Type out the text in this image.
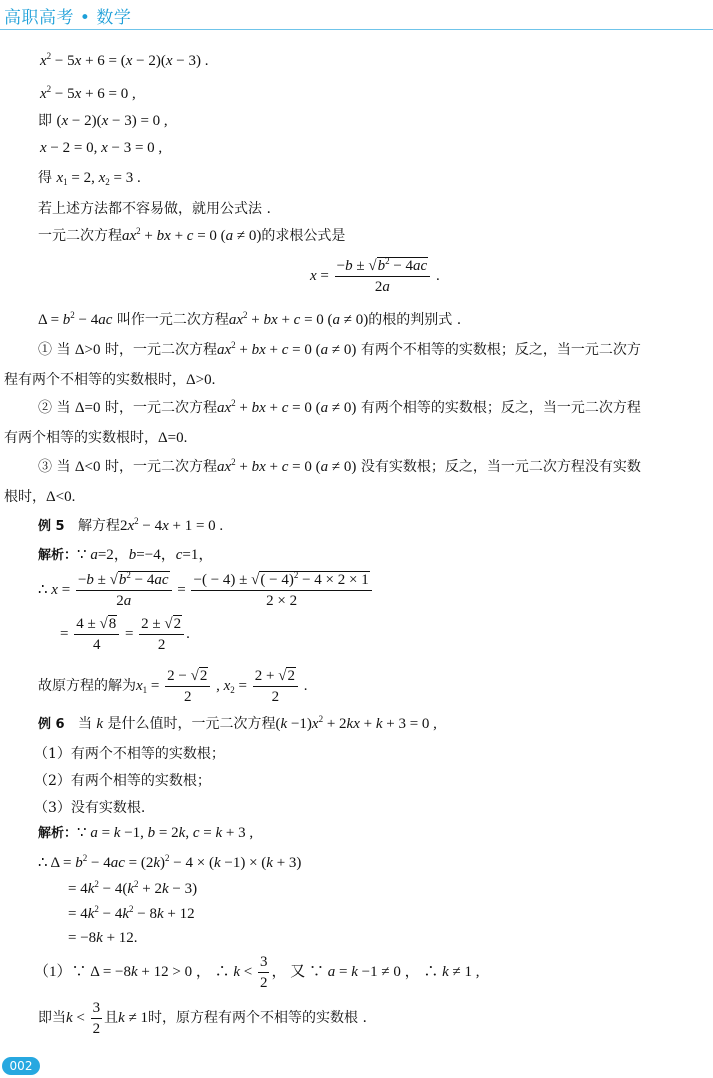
高职高考 • 数学
$x^2 - 5x + 6 = (x - 2)(x - 3)$ .
$x^2 - 5x + 6 = 0$ ,
即 (x − 2)(x − 3) = 0 ,
x − 2 = 0, x − 3 = 0 ,
得 $x_1 = 2$, $x_2 = 3$ .
若上述方法都不容易做，就用公式法 .
一元二次方程$ax^2$ + bx + c = 0 (a ≠ 0)的求根公式是
$x = \frac{-b \pm √b^2 - 4ac}{2a}$ .
$\Delta = b^2 - 4ac$ 叫作一元二次方程$ax^2$ + bx + c = 0 (a ≠ 0)的根的判别式 .
① 当 Δ>0 时，一元二次方程$ax^2$ + bx + c = 0 (a ≠ 0) 有两个不相等的实数根；反之，当一元二次方
程有两个不相等的实数根时，Δ>0.
② 当 Δ=0 时，一元二次方程$ax^2$ + bx + c = 0 (a ≠ 0) 有两个相等的实数根；反之，当一元二次方程
有两个相等的实数根时，Δ=0.
③ 当 Δ<0 时，一元二次方程$ax^2$ + bx + c = 0 (a ≠ 0) 没有实数根；反之，当一元二次方程没有实数
根时，Δ<0.
例 5 解方程$2x^2 - 4x + 1 = 0$ .
解析：∵ a=2，b=−4，c=1，
∴ $x = \frac{-b \pm √b^2 - 4ac}{2a} = \frac{-( - 4) \pm √( - 4)^2 - 4 \times 2 \times 1}{2 \times 2}$
= $\frac{4 \pm √8}{4} = \frac{2 \pm √2}{2}$ .
故原方程的解为$x_1 = \frac{2 - √2}{2}$ , $x_2 = \frac{2 + √2}{2}$ .
例 6 当 k 是什么值时，一元二次方程$(k -1)x^2 + 2kx + k + 3 = 0$ ,
（1）有两个不相等的实数根；
（2）有两个相等的实数根；
（3）没有实数根.
解析：∵ a = k −1, b = 2k, c = k + 3 ,
∴ $\Delta = b^2 - 4ac = (2k)^2 - 4 \times (k -1) \times (k + 3)$
= $4k^2 - 4(k^2 + 2k - 3)$
= $4k^2 - 4k^2 - 8k + 12$
= −8k + 12.
（1）∵ Δ = −8k + 12 > 0 ， ∴ $k < \frac{3}{2}$ ， 又 ∵ a = k −1 ≠ 0 ， ∴ k ≠ 1 ,
即当$k < \frac{3}{2}$ 且k ≠ 1时，原方程有两个不相等的实数根 .
002
